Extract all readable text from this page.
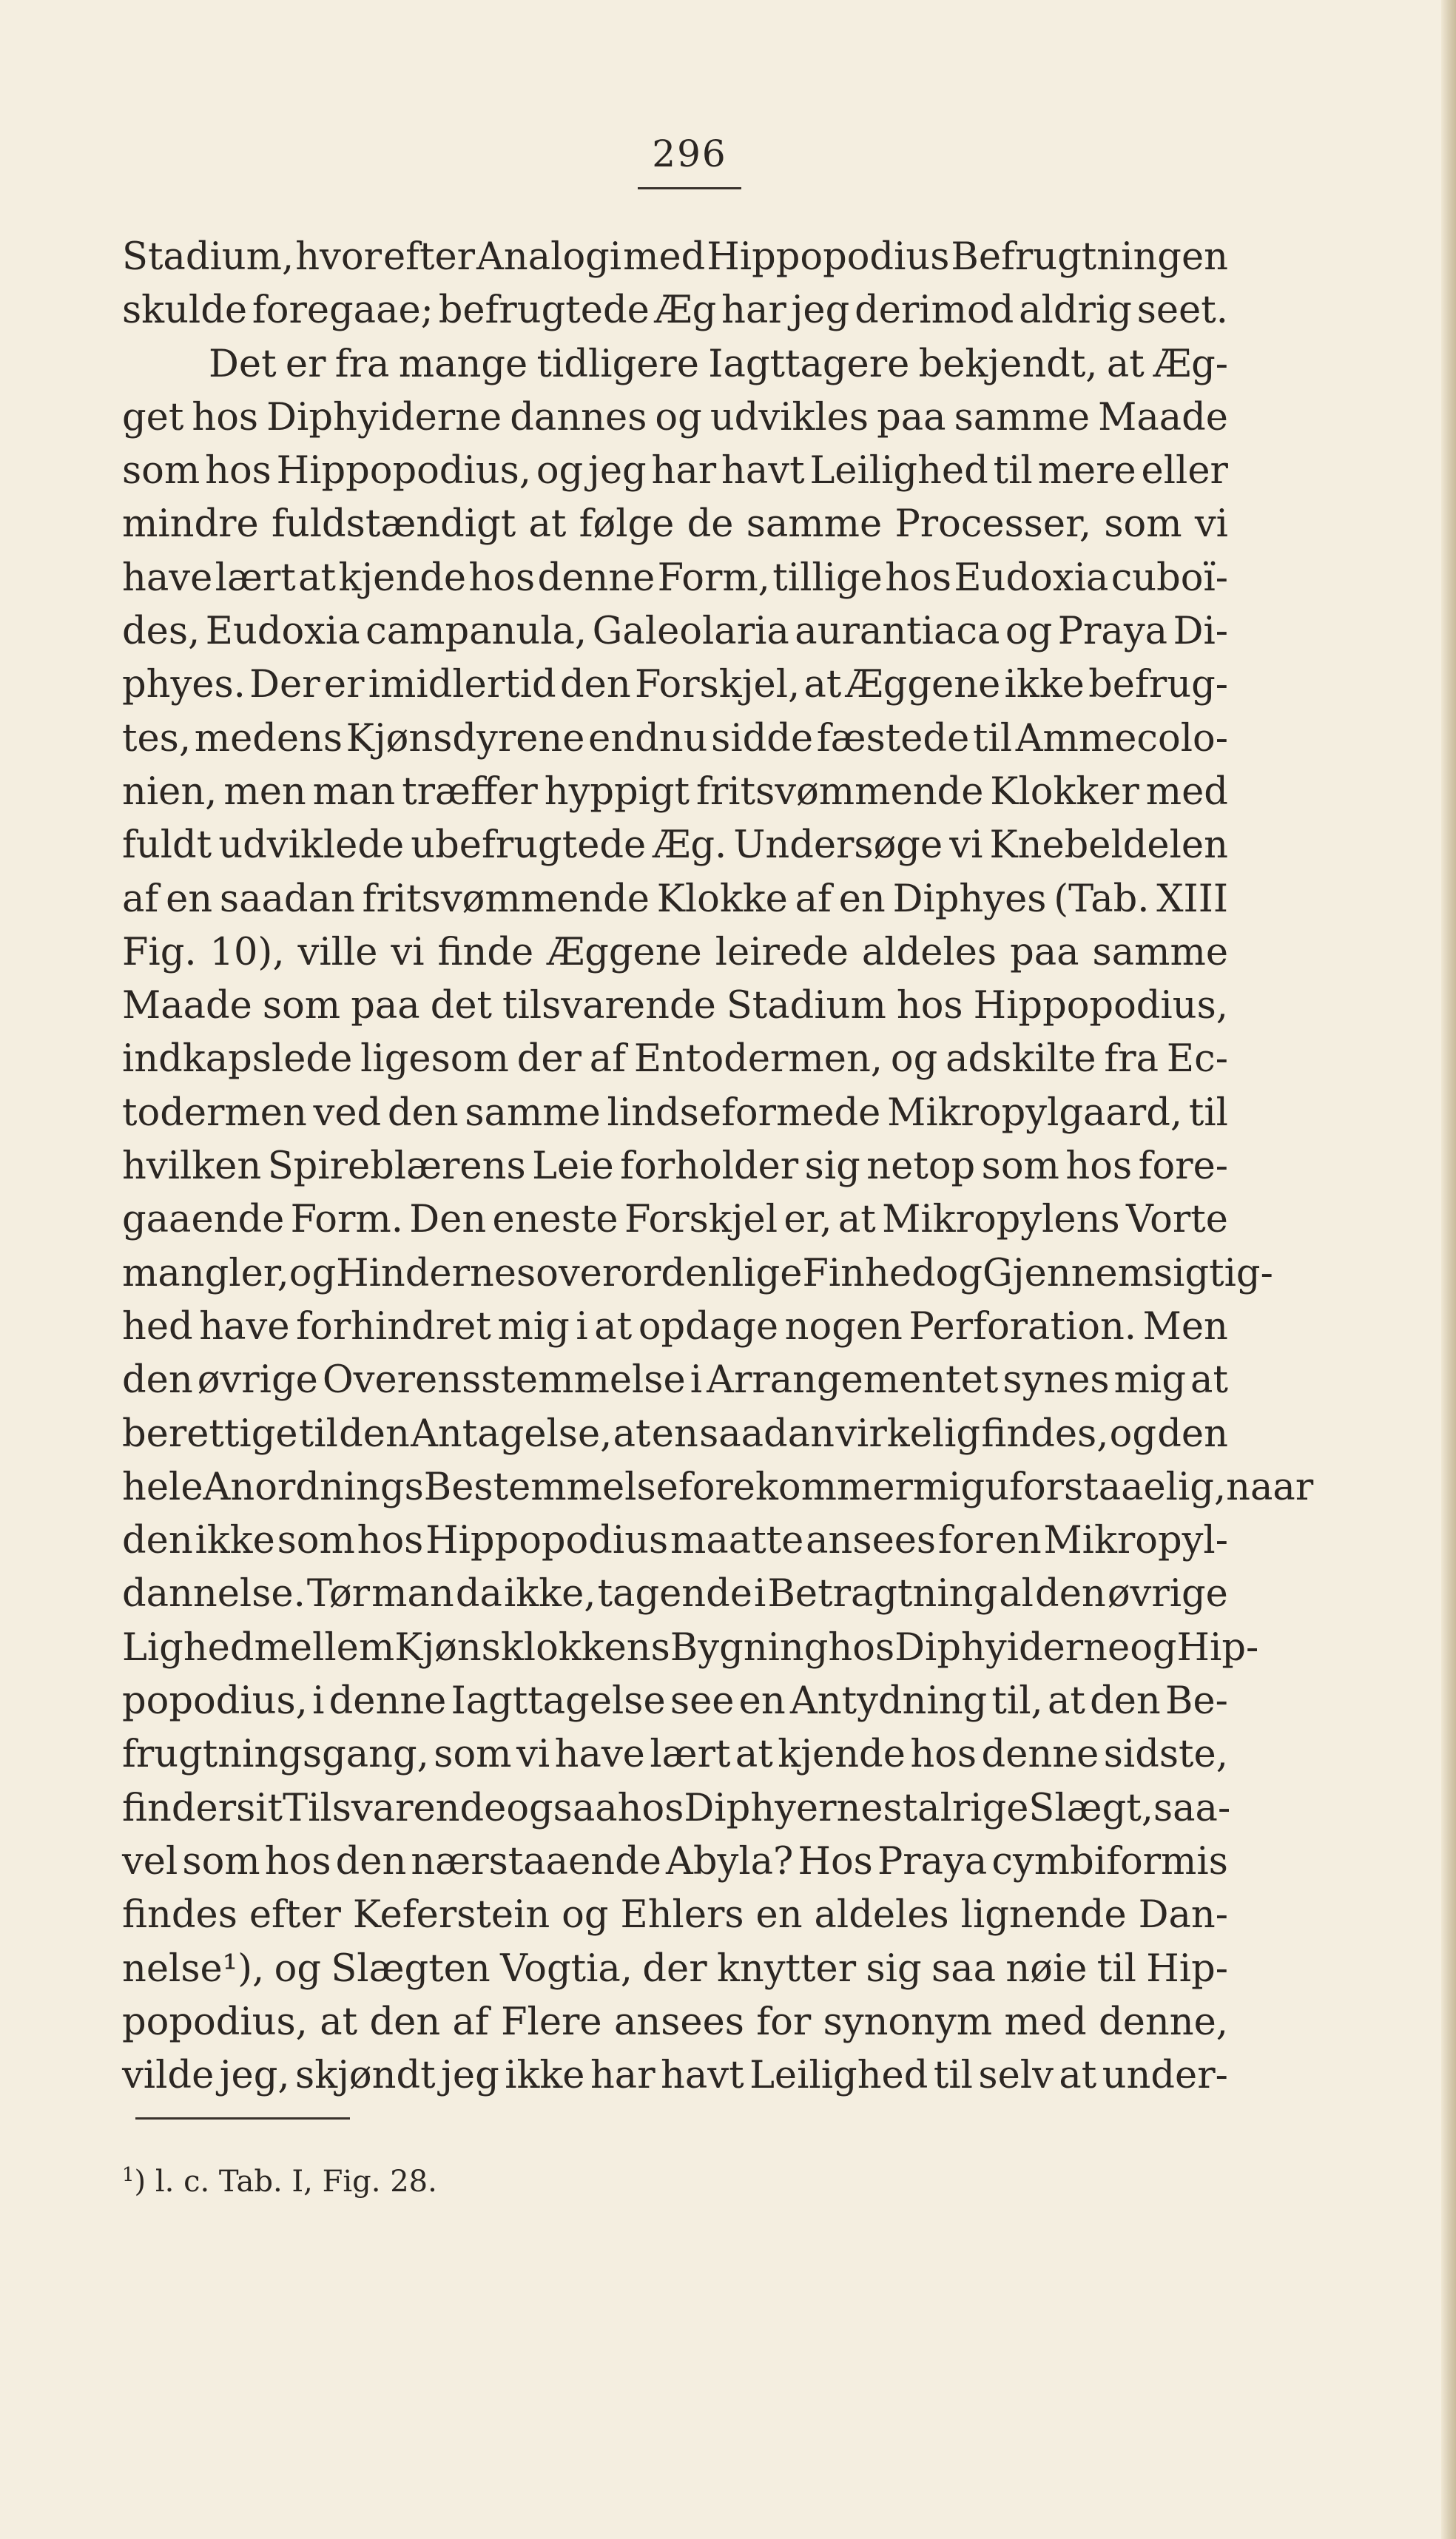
296
Stadium, hvor efter Analogi med Hippopodius Befrugtningen
skulde foregaae; befrugtede Æg har jeg derimod aldrig seet.
Det er fra mange tidligere Iagttagere bekjendt, at Æg-
get hos Diphyiderne dannes og udvikles paa samme Maade
som hos Hippopodius, og jeg har havt Leilighed til mere eller
mindre fuldstændigt at følge de samme Processer, som vi
have lært at kjende hos denne Form, tillige hos Eudoxia cuboï-
des, Eudoxia campanula, Galeolaria aurantiaca og Praya Di-
phyes. Der er imidlertid den Forskjel, at Æggene ikke befrug-
tes, medens Kjønsdyrene endnu sidde fæstede til Ammecolo-
nien, men man træffer hyppigt fritsvømmende Klokker med
fuldt udviklede ubefrugtede Æg. Undersøge vi Knebeldelen
af en saadan fritsvømmende Klokke af en Diphyes (Tab. XIII
Fig. 10), ville vi finde Æggene leirede aldeles paa samme
Maade som paa det tilsvarende Stadium hos Hippopodius,
indkapslede ligesom der af Entodermen, og adskilte fra Ec-
todermen ved den samme lindseformede Mikropylgaard, til
hvilken Spireblærens Leie forholder sig netop som hos fore-
gaaende Form. Den eneste Forskjel er, at Mikropylens Vorte
mangler, og Hindernes overordenlige Finhed og Gjennemsigtig-
hed have forhindret mig i at opdage nogen Perforation. Men
den øvrige Overensstemmelse i Arrangementet synes mig at
berettige til den Antagelse, at en saadan virkelig findes, og den
hele Anordnings Bestemmelse forekommer mig uforstaaelig, naar
den ikke som hos Hippopodius maatte ansees for en Mikropyl-
dannelse. Tør man da ikke, tagende i Betragtning al den øvrige
Lighed mellem Kjønsklokkens Bygning hos Diphyiderne og Hip-
popodius, i denne Iagttagelse see en Antydning til, at den Be-
frugtningsgang, som vi have lært at kjende hos denne sidste,
finder sit Tilsvarende ogsaa hos Diphyernes talrige Slægt, saa-
vel som hos den nærstaaende Abyla? Hos Praya cymbiformis
findes efter Keferstein og Ehlers en aldeles lignende Dan-
nelse¹), og Slægten Vogtia, der knytter sig saa nøie til Hip-
popodius, at den af Flere ansees for synonym med denne,
vilde jeg, skjøndt jeg ikke har havt Leilighed til selv at under-
$^1$) l. c. Tab. I, Fig. 28.
